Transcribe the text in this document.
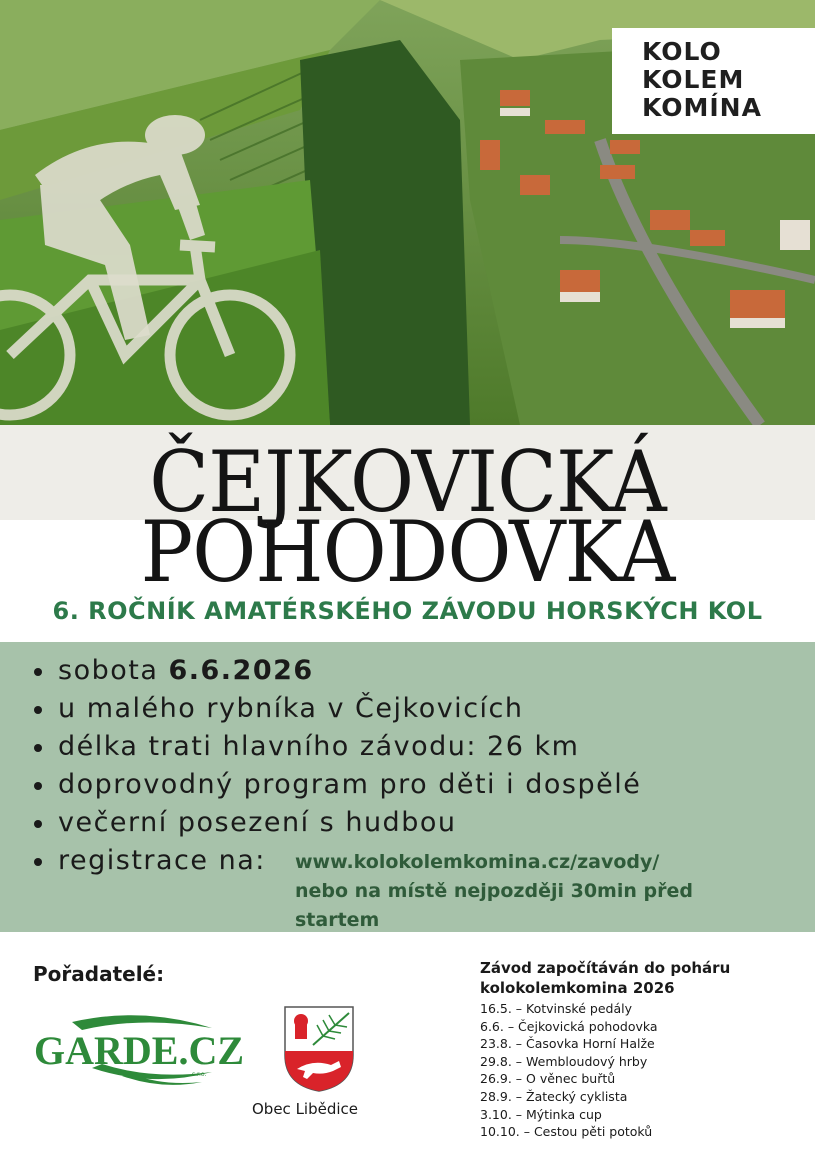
KOLO
KOLEM
KOMÍNA
ČEJKOVICKÁ
POHODOVKA
6. ROČNÍK AMATÉRSKÉHO ZÁVODU HORSKÝCH KOL
sobota 6.6.2026
u malého rybníka v Čejkovicích
délka trati hlavního závodu: 26 km
doprovodný program pro děti i dospělé
večerní posezení s hudbou
registrace na:	www.kolokolemkomina.cz/zavody/
nebo na místě nejpozději 30min před
startem
Pořadatelé:
GARDE.CZ
s.r.o.
Obec Libědice
Závod započítáván do poháru
kolokolemkomina 2026
16.5. – Kotvinské pedály
6.6. – Čejkovická pohodovka
23.8. – Časovka Horní Halže
29.8. – Wembloudový hrby
26.9. – O věnec buřtů
28.9. – Žatecký cyklista
3.10. – Mýtinka cup
10.10. – Cestou pěti potoků
